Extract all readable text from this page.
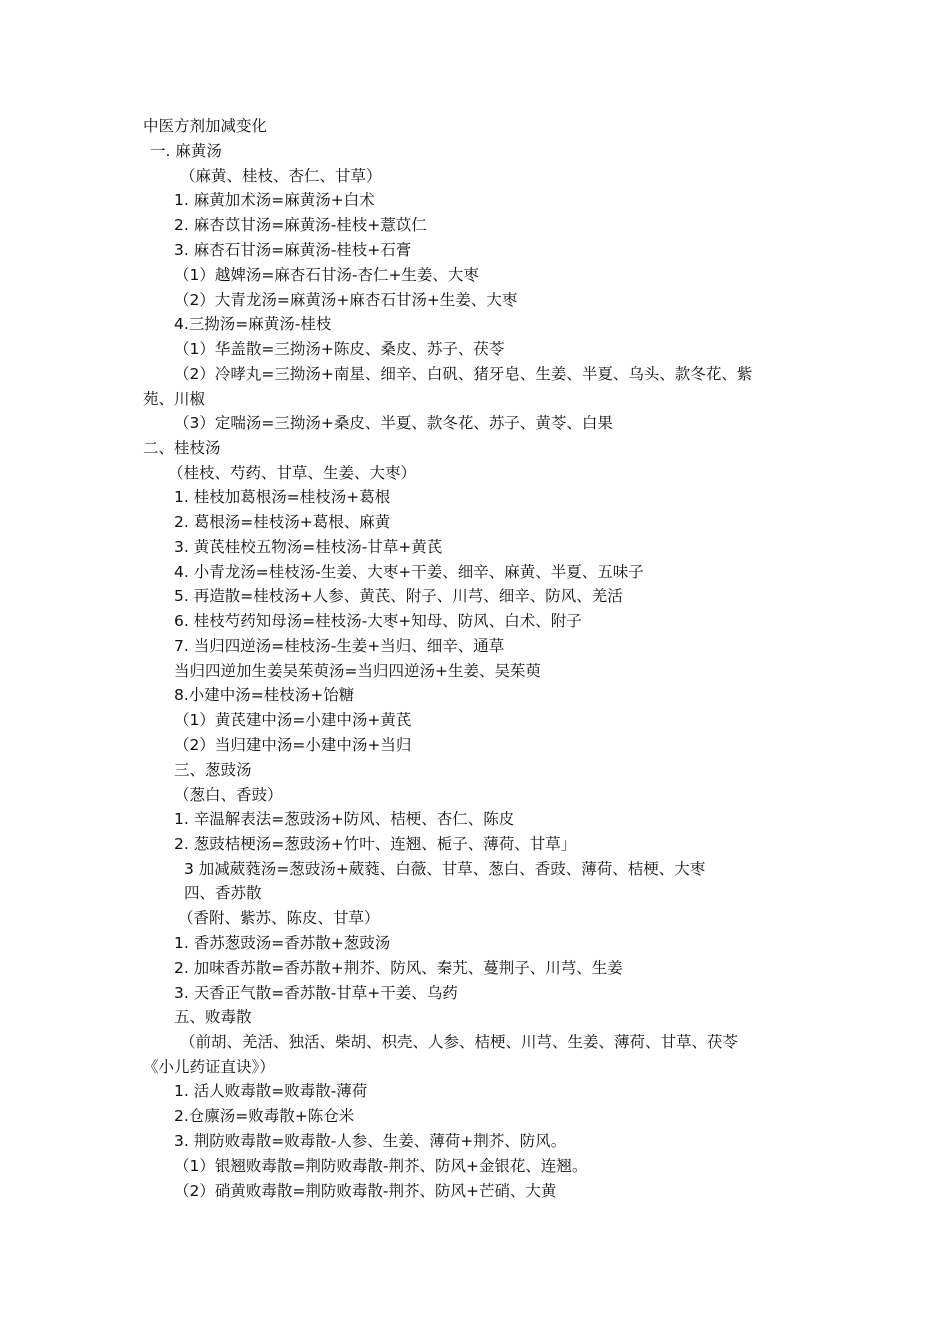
中医方剂加减变化
一. 麻黄汤
（麻黄、桂枝、杏仁、甘草）
1. 麻黄加术汤=麻黄汤+白术
2. 麻杏苡甘汤=麻黄汤-桂枝+薏苡仁
3. 麻杏石甘汤=麻黄汤-桂枝+石膏
（1）越婢汤=麻杏石甘汤-杏仁+生姜、大枣
（2）大青龙汤=麻黄汤+麻杏石甘汤+生姜、大枣
4.三拗汤=麻黄汤-桂枝
（1）华盖散=三拗汤+陈皮、桑皮、苏子、茯苓
（2）冷哮丸=三拗汤+南星、细辛、白矾、猪牙皂、生姜、半夏、乌头、款冬花、紫
苑、川椒
（3）定喘汤=三拗汤+桑皮、半夏、款冬花、苏子、黄苓、白果
二、桂枝汤
（桂枝、芍药、甘草、生姜、大枣）
1. 桂枝加葛根汤=桂枝汤+葛根
2. 葛根汤=桂枝汤+葛根、麻黄
3. 黄芪桂校五物汤=桂枝汤-甘草+黄芪
4. 小青龙汤=桂枝汤-生姜、大枣+干姜、细辛、麻黄、半夏、五味子
5. 再造散=桂枝汤+人参、黄芪、附子、川芎、细辛、防风、羌活
6. 桂枝芍药知母汤=桂枝汤-大枣+知母、防风、白术、附子
7. 当归四逆汤=桂枝汤-生姜+当归、细辛、通草
当归四逆加生姜吴茱萸汤=当归四逆汤+生姜、吴茱萸
8.小建中汤=桂枝汤+饴糖
（1）黄芪建中汤=小建中汤+黄芪
（2）当归建中汤=小建中汤+当归
三、葱豉汤
（葱白、香豉）
1. 辛温解表法=葱豉汤+防风、桔梗、杏仁、陈皮
2. 葱豉桔梗汤=葱豉汤+竹叶、连翘、栀子、薄荷、甘草」
3 加减葳蕤汤=葱豉汤+葳蕤、白薇、甘草、葱白、香豉、薄荷、桔梗、大枣
四、香苏散
（香附、紫苏、陈皮、甘草）
1. 香苏葱豉汤=香苏散+葱豉汤
2. 加味香苏散=香苏散+荆芥、防风、秦艽、蔓荆子、川芎、生姜
3. 天香正气散=香苏散-甘草+干姜、乌药
五、败毒散
（前胡、羌活、独活、柴胡、枳壳、人参、桔梗、川芎、生姜、薄荷、甘草、茯苓
《小儿药证直诀》）
1. 活人败毒散=败毒散-薄荷
2.仓廪汤=败毒散+陈仓米
3. 荆防败毒散=败毒散-人参、生姜、薄荷+荆芥、防风。
（1）银翘败毒散=荆防败毒散-荆芥、防风+金银花、连翘。
（2）硝黄败毒散=荆防败毒散-荆芥、防风+芒硝、大黄
